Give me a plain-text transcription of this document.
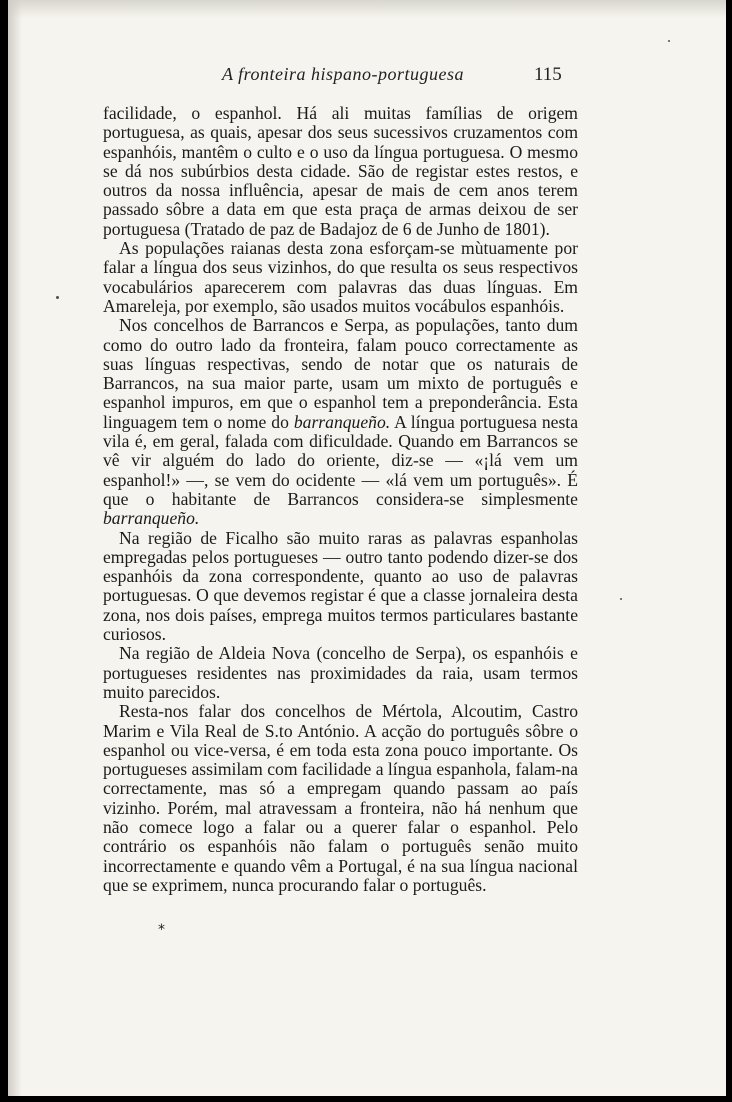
A fronteira hispano-portuguesa	115

facilidade, o espanhol. Há ali muitas famílias de origem portuguesa, as quais, apesar dos seus sucessivos cruzamentos com espanhóis, mantêm o culto e o uso da língua portuguesa. O mesmo se dá nos subúrbios desta cidade. São de registar estes restos, e outros da nossa influência, apesar de mais de cem anos terem passado sôbre a data em que esta praça de armas deixou de ser portuguesa (Tratado de paz de Badajoz de 6 de Junho de 1801).

As populações raianas desta zona esforçam-se mùtuamente por falar a língua dos seus vizinhos, do que resulta os seus respectivos vocabulários aparecerem com palavras das duas línguas. Em Amareleja, por exemplo, são usados muitos vocábulos espanhóis.

Nos concelhos de Barrancos e Serpa, as populações, tanto dum como do outro lado da fronteira, falam pouco correctamente as suas línguas respectivas, sendo de notar que os naturais de Barrancos, na sua maior parte, usam um mixto de português e espanhol impuros, em que o espanhol tem a preponderância. Esta linguagem tem o nome do barranqueño. A língua portuguesa nesta vila é, em geral, falada com dificuldade. Quando em Barrancos se vê vir alguém do lado do oriente, diz-se — «¡lá vem um espanhol!» —, se vem do ocidente — «lá vem um português». É que o habitante de Barrancos considera-se simplesmente barranqueño.

Na região de Ficalho são muito raras as palavras espanholas empregadas pelos portugueses — outro tanto podendo dizer-se dos espanhóis da zona correspondente, quanto ao uso de palavras portuguesas. O que devemos registar é que a classe jornaleira desta zona, nos dois países, emprega muitos termos particulares bastante curiosos.

Na região de Aldeia Nova (concelho de Serpa), os espanhóis e portugueses residentes nas proximidades da raia, usam termos muito parecidos.

Resta-nos falar dos concelhos de Mértola, Alcoutim, Castro Marim e Vila Real de S.to António. A acção do português sôbre o espanhol ou vice-versa, é em toda esta zona pouco importante. Os portugueses assimilam com facilidade a língua espanhola, falam-na correctamente, mas só a empregam quando passam ao país vizinho. Porém, mal atravessam a fronteira, não há nenhum que não comece logo a falar ou a querer falar o espanhol. Pelo contrário os espanhóis não falam o português senão muito incorrectamente e quando vêm a Portugal, é na sua língua nacional que se exprimem, nunca procurando falar o português.

*
